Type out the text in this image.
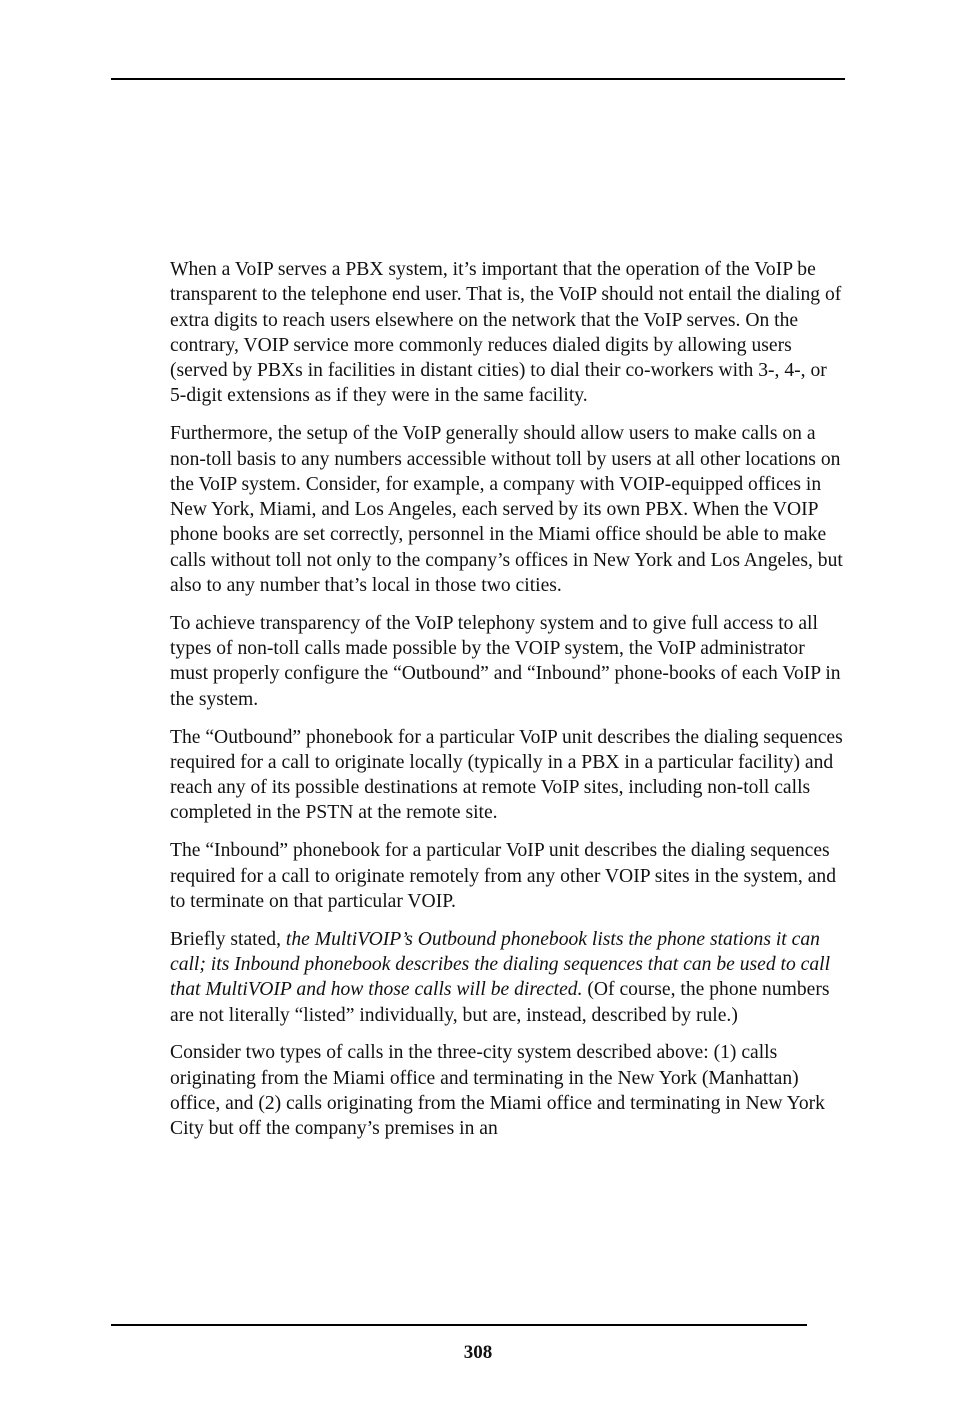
When a VoIP serves a PBX system, it’s important that the operation of the VoIP be transparent to the telephone end user. That is, the VoIP should not entail the dialing of extra digits to reach users elsewhere on the network that the VoIP serves. On the contrary, VOIP service more commonly reduces dialed digits by allowing users (served by PBXs in facilities in distant cities) to dial their co-workers with 3-, 4-, or 5-digit extensions as if they were in the same facility.

Furthermore, the setup of the VoIP generally should allow users to make calls on a non-toll basis to any numbers accessible without toll by users at all other locations on the VoIP system. Consider, for example, a company with VOIP-equipped offices in New York, Miami, and Los Angeles, each served by its own PBX. When the VOIP phone books are set correctly, personnel in the Miami office should be able to make calls without toll not only to the company’s offices in New York and Los Angeles, but also to any number that’s local in those two cities.

To achieve transparency of the VoIP telephony system and to give full access to all types of non-toll calls made possible by the VOIP system, the VoIP administrator must properly configure the “Outbound” and “Inbound” phone-books of each VoIP in the system.

The “Outbound” phonebook for a particular VoIP unit describes the dialing sequences required for a call to originate locally (typically in a PBX in a particular facility) and reach any of its possible destinations at remote VoIP sites, including non-toll calls completed in the PSTN at the remote site.

The “Inbound” phonebook for a particular VoIP unit describes the dialing sequences required for a call to originate remotely from any other VOIP sites in the system, and to terminate on that particular VOIP.

Briefly stated, the MultiVOIP’s Outbound phonebook lists the phone stations it can call; its Inbound phonebook describes the dialing sequences that can be used to call that MultiVOIP and how those calls will be directed. (Of course, the phone numbers are not literally “listed” individually, but are, instead, described by rule.)

Consider two types of calls in the three-city system described above: (1) calls originating from the Miami office and terminating in the New York (Manhattan) office, and (2) calls originating from the Miami office and terminating in New York City but off the company’s premises in an

308
